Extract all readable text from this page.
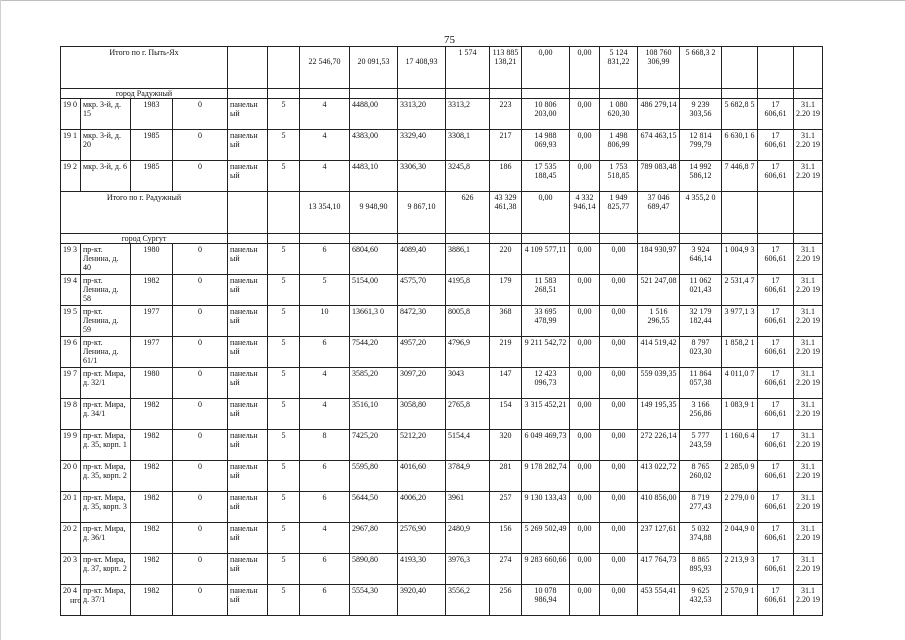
75
Итого по г. Пыть-Ях						22 546,70	20 091,53	17 408,93	1 574	113 885 138,21	0,00	0,00	5 124 831,22	108 760 306,99	5 668,3 2			
город Радужный																		
19 0	мкр. 3-й, д. 15	1983	0	панельн ый	5	4	4488,00	3313,20	3313,2	223	10 806 203,00	0,00	1 080 620,30	486 279,14	9 239 303,56	5 682,8 5	17 606,61	31.1 2.20 19
19 1	мкр. 3-й, д. 20	1985	0	панельн ый	5	4	4383,00	3329,40	3308,1	217	14 988 069,93	0,00	1 498 806,99	674 463,15	12 814 799,79	6 630,1 6	17 606,61	31.1 2.20 19
19 2	мкр. 3-й, д. 6	1985	0	панельн ый	5	4	4483,10	3306,30	3245,8	186	17 535 188,45	0,00	1 753 518,85	789 083,48	14 992 586,12	7 446,8 7	17 606,61	31.1 2.20 19
Итого по г. Радужный						13 354,10	9 948,90	9 867,10	626	43 329 461,38	0,00	4 332 946,14	1 949 825,77	37 046 689,47	4 355,2 0			
город Сургут																		
19 3	пр-кт. Ленина, д. 40	1980	0	панельн ый	5	6	6804,60	4089,40	3886,1	220	4 109 577,11	0,00	0,00	184 930,97	3 924 646,14	1 004,9 3	17 606,61	31.1 2.20 19
19 4	пр-кт. Ленина, д. 58	1982	0	панельн ый	5	5	5154,00	4575,70	4195,8	179	11 583 268,51	0,00	0,00	521 247,08	11 062 021,43	2 531,4 7	17 606,61	31.1 2.20 19
19 5	пр-кт. Ленина, д. 59	1977	0	панельн ый	5	10	13661,3 0	8472,30	8005,8	368	33 695 478,99	0,00	0,00	1 516 296,55	32 179 182,44	3 977,1 3	17 606,61	31.1 2.20 19
19 6	пр-кт. Ленина, д. 61/1	1977	0	панельн ый	5	6	7544,20	4957,20	4796,9	219	9 211 542,72	0,00	0,00	414 519,42	8 797 023,30	1 858,2 1	17 606,61	31.1 2.20 19
19 7	пр-кт. Мира, д. 32/1	1980	0	панельн ый	5	4	3585,20	3097,20	3043	147	12 423 096,73	0,00	0,00	559 039,35	11 864 057,38	4 011,0 7	17 606,61	31.1 2.20 19
19 8	пр-кт. Мира, д. 34/1	1982	0	панельн ый	5	4	3516,10	3058,80	2765,8	154	3 315 452,21	0,00	0,00	149 195,35	3 166 256,86	1 083,9 1	17 606,61	31.1 2.20 19
19 9	пр-кт. Мира, д. 35, корп. 1	1982	0	панельн ый	5	8	7425,20	5212,20	5154,4	320	6 049 469,73	0,00	0,00	272 226,14	5 777 243,59	1 160,6 4	17 606,61	31.1 2.20 19
20 0	пр-кт. Мира, д. 35, корп. 2	1982	0	панельн ый	5	6	5595,80	4016,60	3784,9	281	9 178 282,74	0,00	0,00	413 022,72	8 765 260,02	2 285,0 9	17 606,61	31.1 2.20 19
20 1	пр-кт. Мира, д. 35, корп. 3	1982	0	панельн ый	5	6	5644,50	4006,20	3961	257	9 130 133,43	0,00	0,00	410 856,00	8 719 277,43	2 279,0 0	17 606,61	31.1 2.20 19
20 2	пр-кт. Мира, д. 36/1	1982	0	панельн ый	5	4	2967,80	2576,90	2480,9	156	5 269 502,49	0,00	0,00	237 127,61	5 032 374,88	2 044,9 0	17 606,61	31.1 2.20 19
20 3	пр-кт. Мира, д. 37, корп. 2	1982	0	панельн ый	5	6	5890,80	4193,30	3976,3	274	9 283 660,66	0,00	0,00	417 764,73	8 865 895,93	2 213,9 3	17 606,61	31.1 2.20 19
20 4	пр-кт. Мира, д. 37/1	1982	0	панельн ый	5	6	5554,30	3920,40	3556,2	256	10 078 986,94	0,00	0,00	453 554,41	9 625 432,53	2 570,9 1	17 606,61	31.1 2.20 19
нго
